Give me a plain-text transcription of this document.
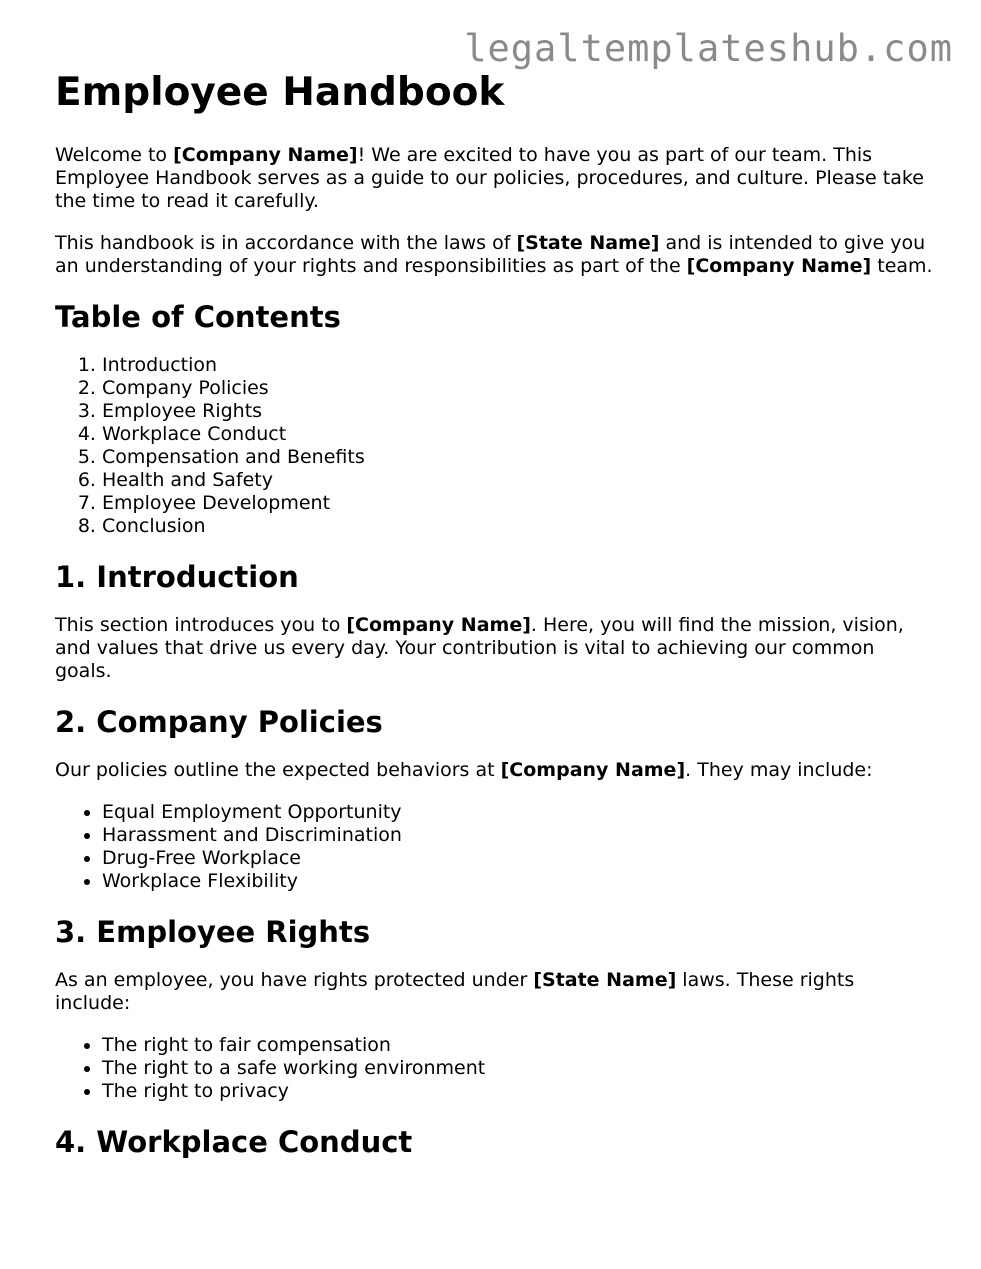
legaltemplateshub.com
Employee Handbook

Welcome to [Company Name]! We are excited to have you as part of our team. This Employee Handbook serves as a guide to our policies, procedures, and culture. Please take the time to read it carefully.

This handbook is in accordance with the laws of [State Name] and is intended to give you an understanding of your rights and responsibilities as part of the [Company Name] team.

Table of Contents
1. Introduction
2. Company Policies
3. Employee Rights
4. Workplace Conduct
5. Compensation and Benefits
6. Health and Safety
7. Employee Development
8. Conclusion
1. Introduction

This section introduces you to [Company Name]. Here, you will find the mission, vision, and values that drive us every day. Your contribution is vital to achieving our common goals.

2. Company Policies

Our policies outline the expected behaviors at [Company Name]. They may include:

• Equal Employment Opportunity
• Harassment and Discrimination
• Drug-Free Workplace
• Workplace Flexibility
3. Employee Rights

As an employee, you have rights protected under [State Name] laws. These rights include:

• The right to fair compensation
• The right to a safe working environment
• The right to privacy
4. Workplace Conduct
